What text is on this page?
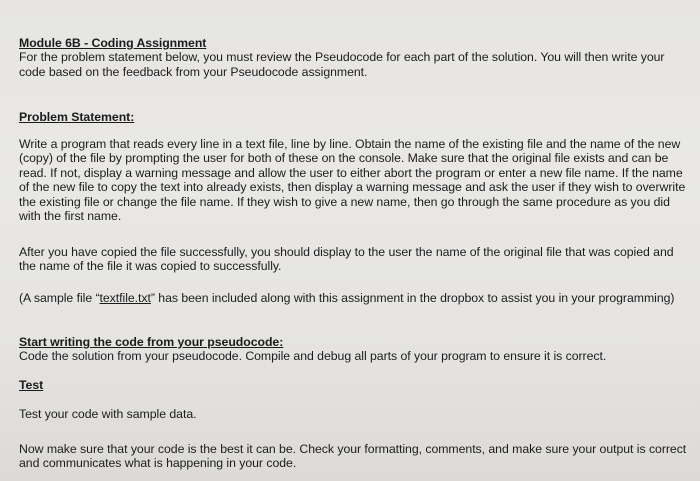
Module 6B - Coding Assignment

For the problem statement below, you must review the Pseudocode for each part of the solution. You will then write your code based on the feedback from your Pseudocode assignment.

Problem Statement:

Write a program that reads every line in a text file, line by line. Obtain the name of the existing file and the name of the new (copy) of the file by prompting the user for both of these on the console. Make sure that the original file exists and can be read. If not, display a warning message and allow the user to either abort the program or enter a new file name. If the name of the new file to copy the text into already exists, then display a warning message and ask the user if they wish to overwrite the existing file or change the file name. If they wish to give a new name, then go through the same procedure as you did with the first name.

After you have copied the file successfully, you should display to the user the name of the original file that was copied and the name of the file it was copied to successfully.

(A sample file “textfile.txt” has been included along with this assignment in the dropbox to assist you in your programming)

Start writing the code from your pseudocode:

Code the solution from your pseudocode. Compile and debug all parts of your program to ensure it is correct.

Test

Test your code with sample data.

Now make sure that your code is the best it can be. Check your formatting, comments, and make sure your output is correct and communicates what is happening in your code.
